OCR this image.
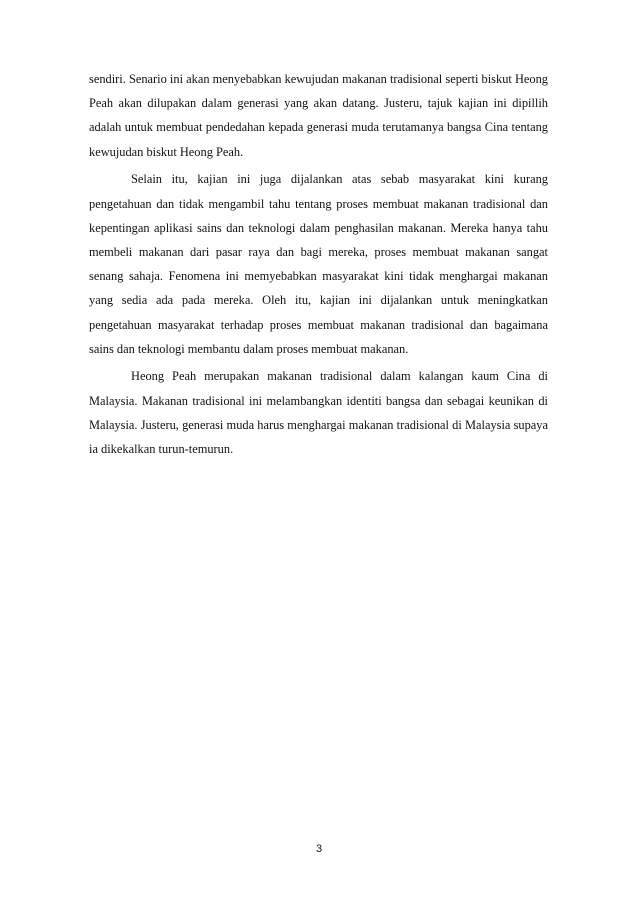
sendiri. Senario ini akan menyebabkan kewujudan makanan tradisional seperti biskut Heong Peah akan dilupakan dalam generasi yang akan datang. Justeru, tajuk kajian ini dipillih adalah untuk membuat pendedahan kepada generasi muda terutamanya bangsa Cina tentang kewujudan biskut Heong Peah.

Selain itu, kajian ini juga dijalankan atas sebab masyarakat kini kurang pengetahuan dan tidak mengambil tahu tentang proses membuat makanan tradisional dan kepentingan aplikasi sains dan teknologi dalam penghasilan makanan. Mereka hanya tahu membeli makanan dari pasar raya dan bagi mereka, proses membuat makanan sangat senang sahaja. Fenomena ini memyebabkan masyarakat kini tidak menghargai makanan yang sedia ada pada mereka. Oleh itu, kajian ini dijalankan untuk meningkatkan pengetahuan masyarakat terhadap proses membuat makanan tradisional dan bagaimana sains dan teknologi membantu dalam proses membuat makanan.

Heong Peah merupakan makanan tradisional dalam kalangan kaum Cina di Malaysia. Makanan tradisional ini melambangkan identiti bangsa dan sebagai keunikan di Malaysia. Justeru, generasi muda harus menghargai makanan tradisional di Malaysia supaya ia dikekalkan turun-temurun.

3
